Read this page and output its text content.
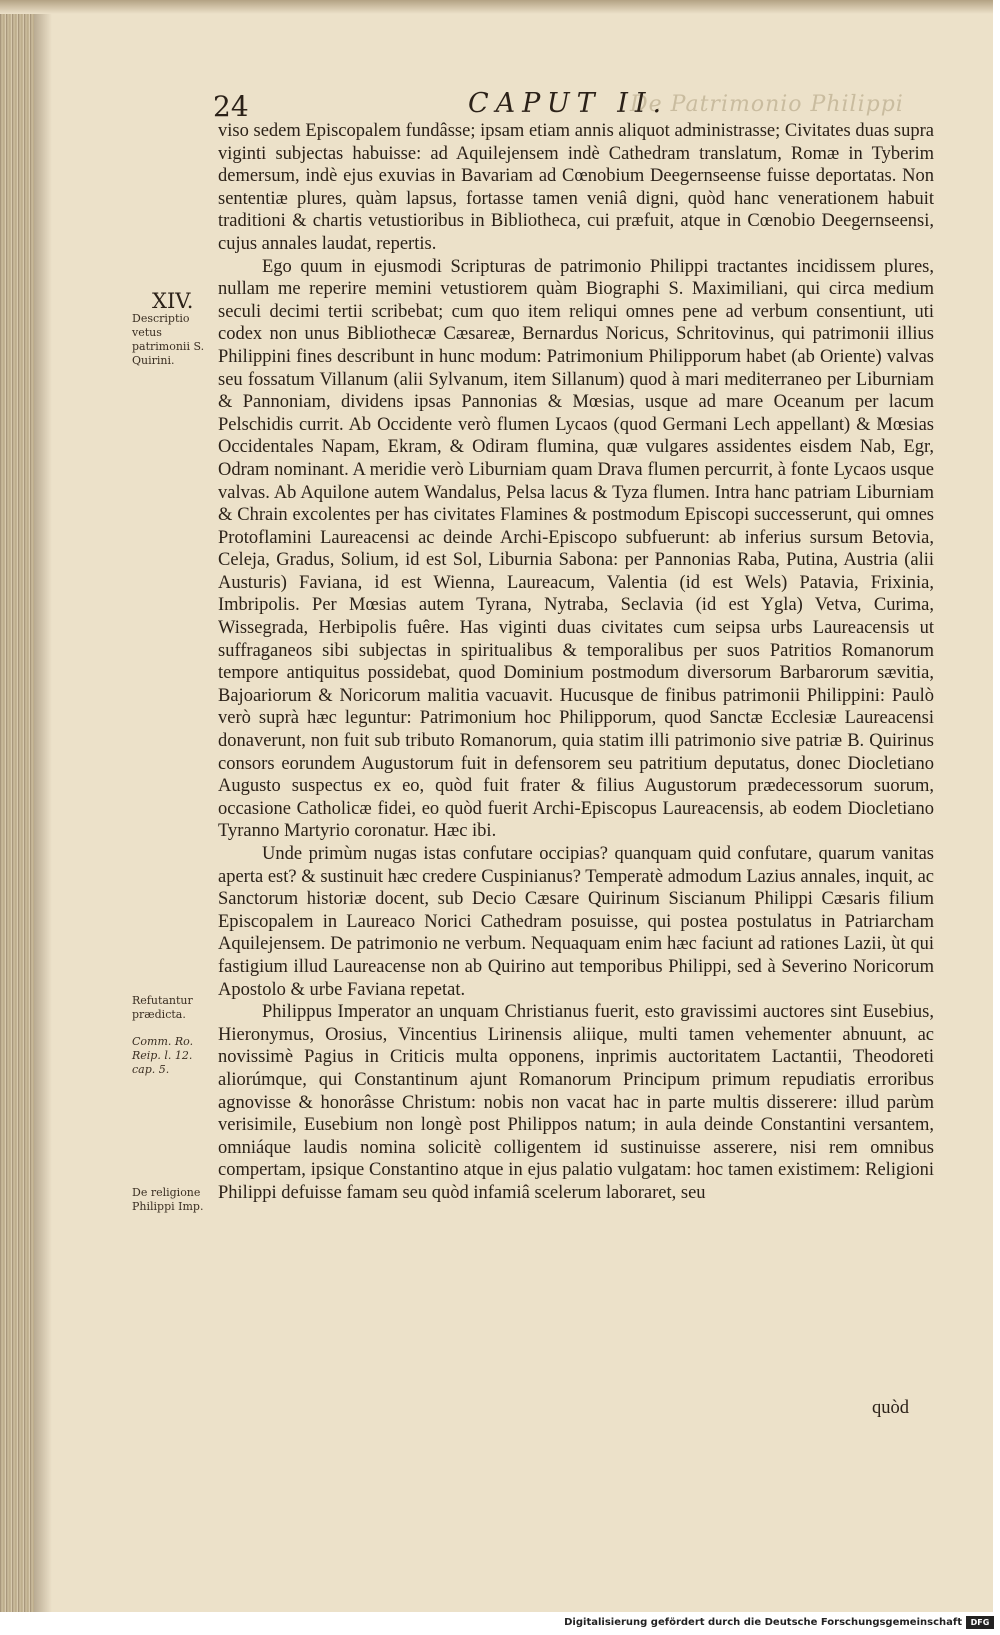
De Patrimonio Philippi
24	CAPUT II.
XIV.
Descriptio vetus patrimonii S. Quirini.
Refutantur prædicta.
Comm. Ro. Reip. l. 12. cap. 5.
De religione Philippi Imp.

viso sedem Episcopalem fundâsse; ipsam etiam annis aliquot administrasse; Civitates duas supra viginti subjectas habuisse: ad Aquilejensem indè Cathedram translatum, Romæ in Tyberim demersum, indè ejus exuvias in Bavariam ad Cœnobium Deegernseense fuisse deportatas. Non sententiæ plures, quàm lapsus, fortasse tamen veniâ digni, quòd hanc venerationem habuit traditioni & chartis vetustioribus in Bibliotheca, cui præfuit, atque in Cœnobio Deegernseensi, cujus annales laudat, repertis.

Ego quum in ejusmodi Scripturas de patrimonio Philippi tractantes incidissem plures, nullam me reperire memini vetustiorem quàm Biographi S. Maximiliani, qui circa medium seculi decimi tertii scribebat; cum quo item reliqui omnes pene ad verbum consentiunt, uti codex non unus Bibliothecæ Cæsareæ, Bernardus Noricus, Schritovinus, qui patrimonii illius Philippini fines describunt in hunc modum: Patrimonium Philipporum habet (ab Oriente) valvas seu fossatum Villanum (alii Sylvanum, item Sillanum) quod à mari mediterraneo per Liburniam & Pannoniam, dividens ipsas Pannonias & Mœsias, usque ad mare Oceanum per lacum Pelschidis currit. Ab Occidente verò flumen Lycaos (quod Germani Lech appellant) & Mœsias Occidentales Napam, Ekram, & Odiram flumina, quæ vulgares assidentes eisdem Nab, Egr, Odram nominant. A meridie verò Liburniam quam Drava flumen percurrit, à fonte Lycaos usque valvas. Ab Aquilone autem Wandalus, Pelsa lacus & Tyza flumen. Intra hanc patriam Liburniam & Chrain excolentes per has civitates Flamines & postmodum Episcopi successerunt, qui omnes Protoflamini Laureacensi ac deinde Archi-Episcopo subfuerunt: ab inferius sursum Betovia, Celeja, Gradus, Solium, id est Sol, Liburnia Sabona: per Pannonias Raba, Putina, Austria (alii Austuris) Faviana, id est Wienna, Laureacum, Valentia (id est Wels) Patavia, Frixinia, Imbripolis. Per Mœsias autem Tyrana, Nytraba, Seclavia (id est Ygla) Vetva, Curima, Wissegrada, Herbipolis fuêre. Has viginti duas civitates cum seipsa urbs Laureacensis ut suffraganeos sibi subjectas in spiritualibus & temporalibus per suos Patritios Romanorum tempore antiquitus possidebat, quod Dominium postmodum diversorum Barbarorum sævitia, Bajoariorum & Noricorum malitia vacuavit. Hucusque de finibus patrimonii Philippini: Paulò verò suprà hæc leguntur: Patrimonium hoc Philipporum, quod Sanctæ Ecclesiæ Laureacensi donaverunt, non fuit sub tributo Romanorum, quia statim illi patrimonio sive patriæ B. Quirinus consors eorundem Augustorum fuit in defensorem seu patritium deputatus, donec Diocletiano Augusto suspectus ex eo, quòd fuit frater & filius Augustorum prædecessorum suorum, occasione Catholicæ fidei, eo quòd fuerit Archi-Episcopus Laureacensis, ab eodem Diocletiano Tyranno Martyrio coronatur. Hæc ibi.

Unde primùm nugas istas confutare occipias? quanquam quid confutare, quarum vanitas aperta est? & sustinuit hæc credere Cuspinianus? Temperatè admodum Lazius annales, inquit, ac Sanctorum historiæ docent, sub Decio Cæsare Quirinum Siscianum Philippi Cæsaris filium Episcopalem in Laureaco Norici Cathedram posuisse, qui postea postulatus in Patriarcham Aquilejensem. De patrimonio ne verbum. Nequaquam enim hæc faciunt ad rationes Lazii, ùt qui fastigium illud Laureacense non ab Quirino aut temporibus Philippi, sed à Severino Noricorum Apostolo & urbe Faviana repetat.

Philippus Imperator an unquam Christianus fuerit, esto gravissimi auctores sint Eusebius, Hieronymus, Orosius, Vincentius Lirinensis aliique, multi tamen vehementer abnuunt, ac novissimè Pagius in Criticis multa opponens, inprimis auctoritatem Lactantii, Theodoreti aliorúmque, qui Constantinum ajunt Romanorum Principum primum repudiatis erroribus agnovisse & honorâsse Christum: nobis non vacat hac in parte multis disserere: illud parùm verisimile, Eusebium non longè post Philippos natum; in aula deinde Constantini versantem, omniáque laudis nomina solicitè colligentem id sustinuisse asserere, nisi rem omnibus compertam, ipsique Constantino atque in ejus palatio vulgatam: hoc tamen existimem: Religioni Philippi defuisse famam seu quòd infamiâ scelerum laboraret, seu

quòd
Digitalisierung gefördert durch die Deutsche Forschungsgemeinschaft	DFG
